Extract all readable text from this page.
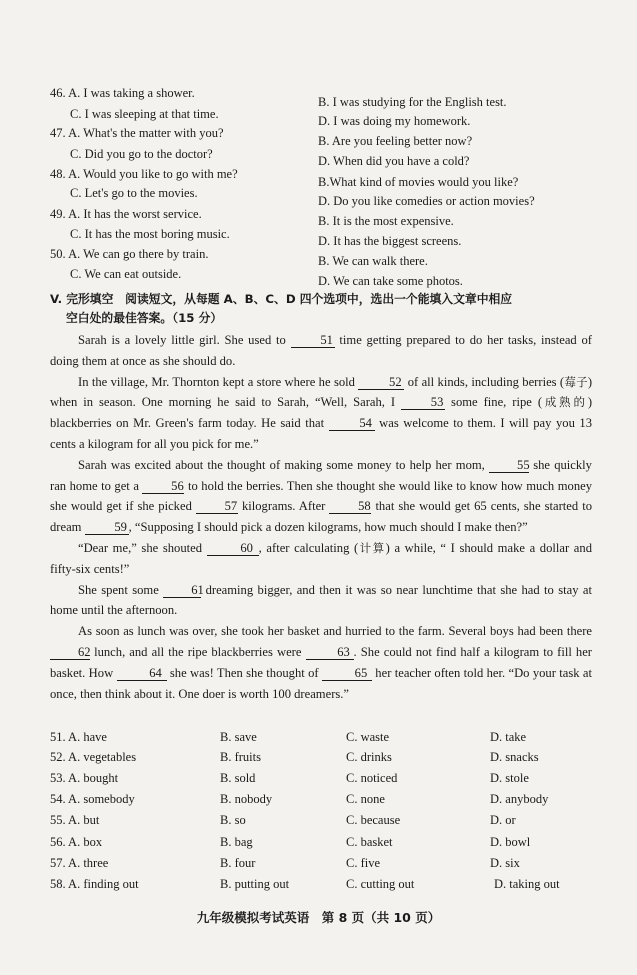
46. A. I was taking a shower.
C. I was sleeping at that time.
B. I was studying for the English test.
D. I was doing my homework.
47. A. What's the matter with you?
C. Did you go to the doctor?
B. Are you feeling better now?
D. When did you have a cold?
48. A. Would you like to go with me?
C. Let's go to the movies.
B.What kind of movies would you like?
D. Do you like comedies or action movies?
49. A. It has the worst service.
C. It has the most boring music.
B. It is the most expensive.
D. It has the biggest screens.
50. A. We can go there by train.
C. We can eat outside.
B. We can walk there.
D. We can take some photos.
V. 完形填空　阅读短文，从每题 A、B、C、D 四个选项中，选出一个能填入文章中相应
空白处的最佳答案。（15 分）

Sarah is a lovely little girl. She used to 51 time getting prepared to do her tasks, instead of doing them at once as she should do.

In the village, Mr. Thornton kept a store where he sold 52 of all kinds, including berries (莓子) when in season. One morning he said to Sarah, “Well, Sarah, I 53 some fine, ripe (成熟的) blackberries on Mr. Green's farm today. He said that 54 was welcome to them. I will pay you 13 cents a kilogram for all you pick for me.”

Sarah was excited about the thought of making some money to help her mom, 55 she quickly ran home to get a 56 to hold the berries. Then she thought she would like to know how much money she would get if she picked 57 kilograms. After 58 that she would get 65 cents, she started to dream 59 , “Supposing I should pick a dozen kilograms, how much should I make then?”

“Dear me,” she shouted	60 , after calculating (计算) a while, “ I should make a dollar and fifty-six cents!”

She spent some 61 dreaming bigger, and then it was so near lunchtime that she had to stay at home until the afternoon.

As soon as lunch was over, she took her basket and hurried to the farm. Several boys had been there 62 lunch, and all the ripe blackberries were	63 . She could not find half a kilogram to fill her basket. How	64 she was! Then she thought of	65 her teacher often told her. “Do your task at once, then think about it. One doer is worth 100 dreamers.”

51. A. have	B. save	C. waste	D. take
52. A. vegetables	B. fruits	C. drinks	D. snacks
53. A. bought	B. sold	C. noticed	D. stole
54. A. somebody	B. nobody	C. none	D. anybody
55. A. but	B. so	C. because	D. or
56. A. box	B. bag	C. basket	D. bowl
57. A. three	B. four	C. five	D. six
58. A. finding out	B. putting out	C. cutting out	D. taking out
九年级模拟考试英语　第 8 页（共 10 页）
